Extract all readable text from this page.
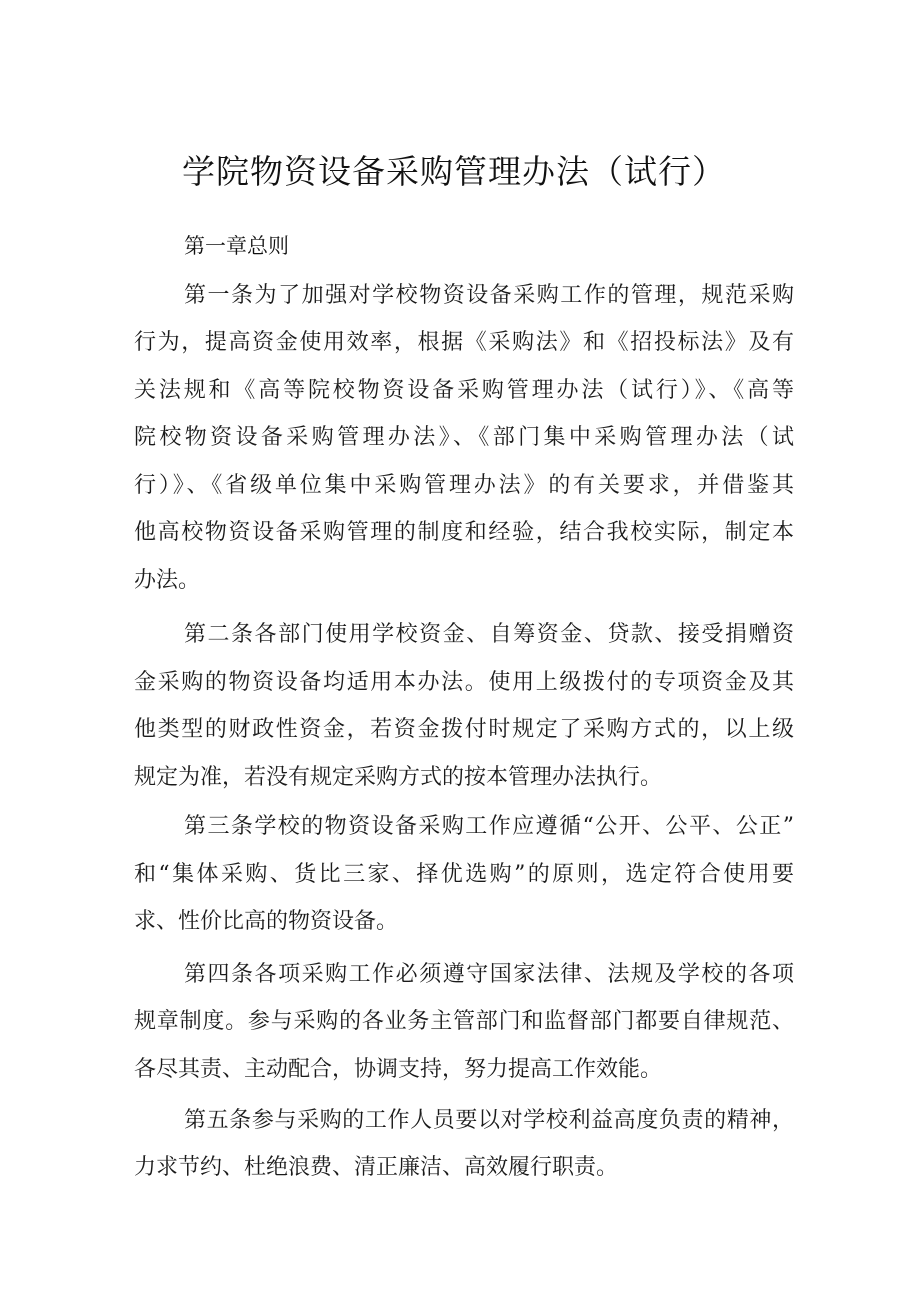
学院物资设备采购管理办法（试行）
第一章总则

第一条为了加强对学校物资设备采购工作的管理，规范采购

行为，提高资金使用效率，根据《采购法》和《招投标法》及有

关法规和《高等院校物资设备采购管理办法（试行）》、《高等

院校物资设备采购管理办法》、《部门集中采购管理办法（试

行）》、《省级单位集中采购管理办法》的有关要求，并借鉴其

他高校物资设备采购管理的制度和经验，结合我校实际，制定本

办法。

第二条各部门使用学校资金、自筹资金、贷款、接受捐赠资

金采购的物资设备均适用本办法。使用上级拨付的专项资金及其

他类型的财政性资金，若资金拨付时规定了采购方式的，以上级

规定为准，若没有规定采购方式的按本管理办法执行。

第三条学校的物资设备采购工作应遵循“公开、公平、公正”

和“集体采购、货比三家、择优选购”的原则，选定符合使用要

求、性价比高的物资设备。

第四条各项采购工作必须遵守国家法律、法规及学校的各项

规章制度。参与采购的各业务主管部门和监督部门都要自律规范、

各尽其责、主动配合，协调支持，努力提高工作效能。

第五条参与采购的工作人员要以对学校利益高度负责的精神，

力求节约、杜绝浪费、清正廉洁、高效履行职责。
